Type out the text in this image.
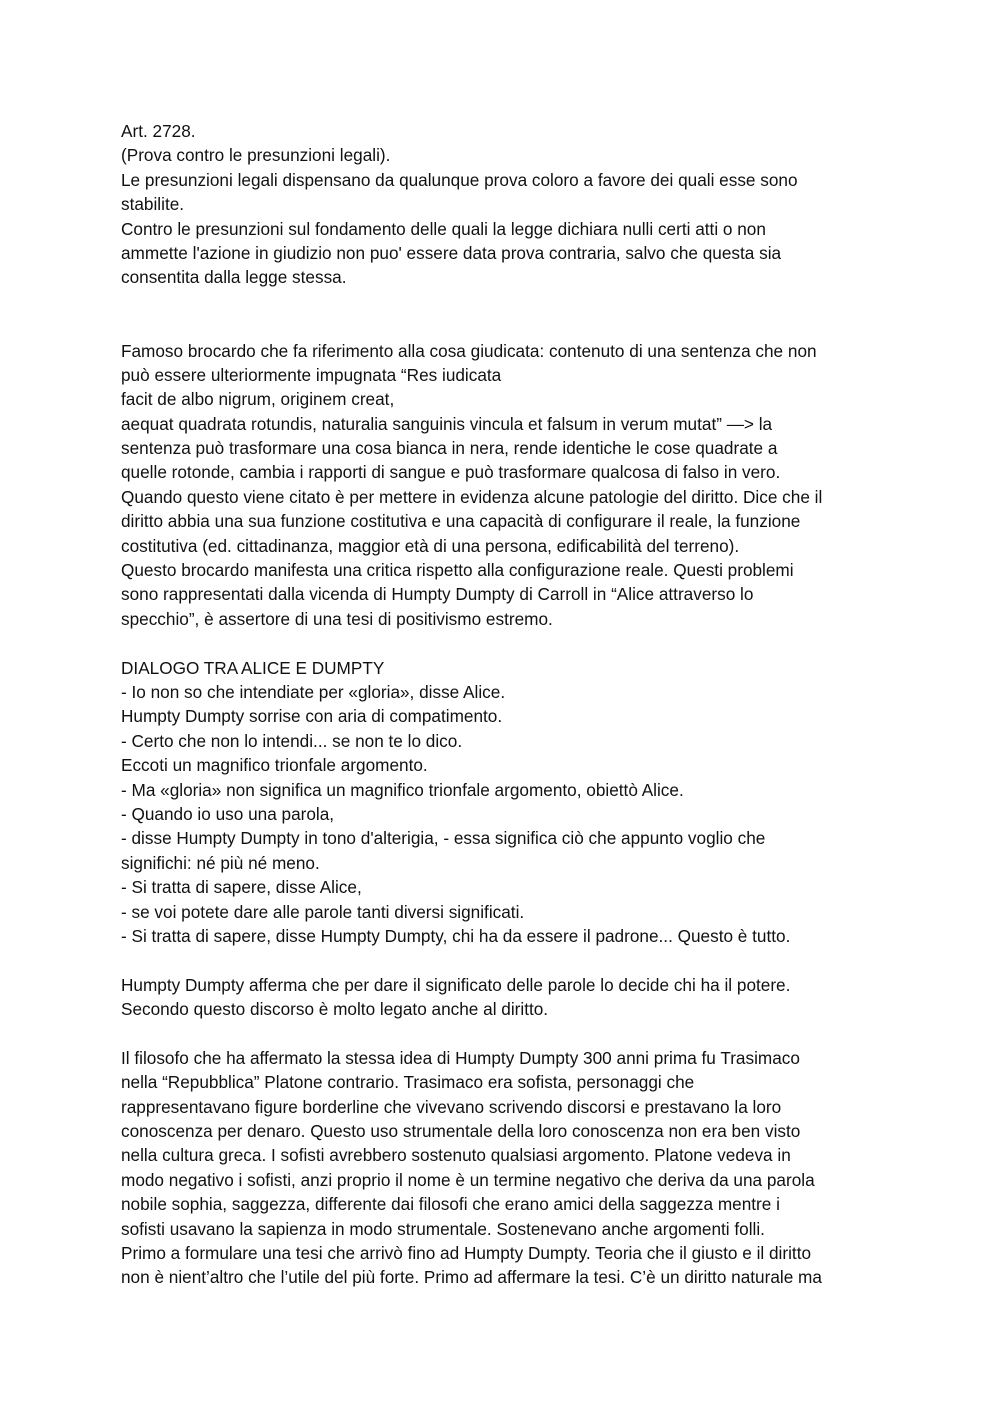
Art. 2728.
(Prova contro le presunzioni legali).
Le presunzioni legali dispensano da qualunque prova coloro a favore dei quali esse sono
stabilite.
Contro le presunzioni sul fondamento delle quali la legge dichiara nulli certi atti o non
ammette l'azione in giudizio non puo' essere data prova contraria, salvo che questa sia
consentita dalla legge stessa.
Famoso brocardo che fa riferimento alla cosa giudicata: contenuto di una sentenza che non
può essere ulteriormente impugnata “Res iudicata
facit de albo nigrum, originem creat,
aequat quadrata rotundis, naturalia sanguinis vincula et falsum in verum mutat” —> la
sentenza può trasformare una cosa bianca in nera, rende identiche le cose quadrate a
quelle rotonde, cambia i rapporti di sangue e può trasformare qualcosa di falso in vero.
Quando questo viene citato è per mettere in evidenza alcune patologie del diritto. Dice che il
diritto abbia una sua funzione costitutiva e una capacità di configurare il reale, la funzione
costitutiva (ed. cittadinanza, maggior età di una persona, edificabilità del terreno).
Questo brocardo manifesta una critica rispetto alla configurazione reale. Questi problemi
sono rappresentati dalla vicenda di Humpty Dumpty di Carroll in “Alice attraverso lo
specchio”, è assertore di una tesi di positivismo estremo.
DIALOGO TRA ALICE E DUMPTY
- Io non so che intendiate per «gloria», disse Alice.
Humpty Dumpty sorrise con aria di compatimento.
- Certo che non lo intendi... se non te lo dico.
Eccoti un magnifico trionfale argomento.
- Ma «gloria» non significa un magnifico trionfale argomento, obiettò Alice.
- Quando io uso una parola,
- disse Humpty Dumpty in tono d'alterigia, - essa significa ciò che appunto voglio che
significhi: né più né meno.
- Si tratta di sapere, disse Alice,
- se voi potete dare alle parole tanti diversi significati.
- Si tratta di sapere, disse Humpty Dumpty, chi ha da essere il padrone... Questo è tutto.
Humpty Dumpty afferma che per dare il significato delle parole lo decide chi ha il potere.
Secondo questo discorso è molto legato anche al diritto.
Il filosofo che ha affermato la stessa idea di Humpty Dumpty 300 anni prima fu Trasimaco
nella “Repubblica” Platone contrario. Trasimaco era sofista, personaggi che
rappresentavano figure borderline che vivevano scrivendo discorsi e prestavano la loro
conoscenza per denaro. Questo uso strumentale della loro conoscenza non era ben visto
nella cultura greca. I sofisti avrebbero sostenuto qualsiasi argomento. Platone vedeva in
modo negativo i sofisti, anzi proprio il nome è un termine negativo che deriva da una parola
nobile sophia, saggezza, differente dai filosofi che erano amici della saggezza mentre i
sofisti usavano la sapienza in modo strumentale. Sostenevano anche argomenti folli.
Primo a formulare una tesi che arrivò fino ad Humpty Dumpty. Teoria che il giusto e il diritto
non è nient’altro che l’utile del più forte. Primo ad affermare la tesi. C’è un diritto naturale ma
